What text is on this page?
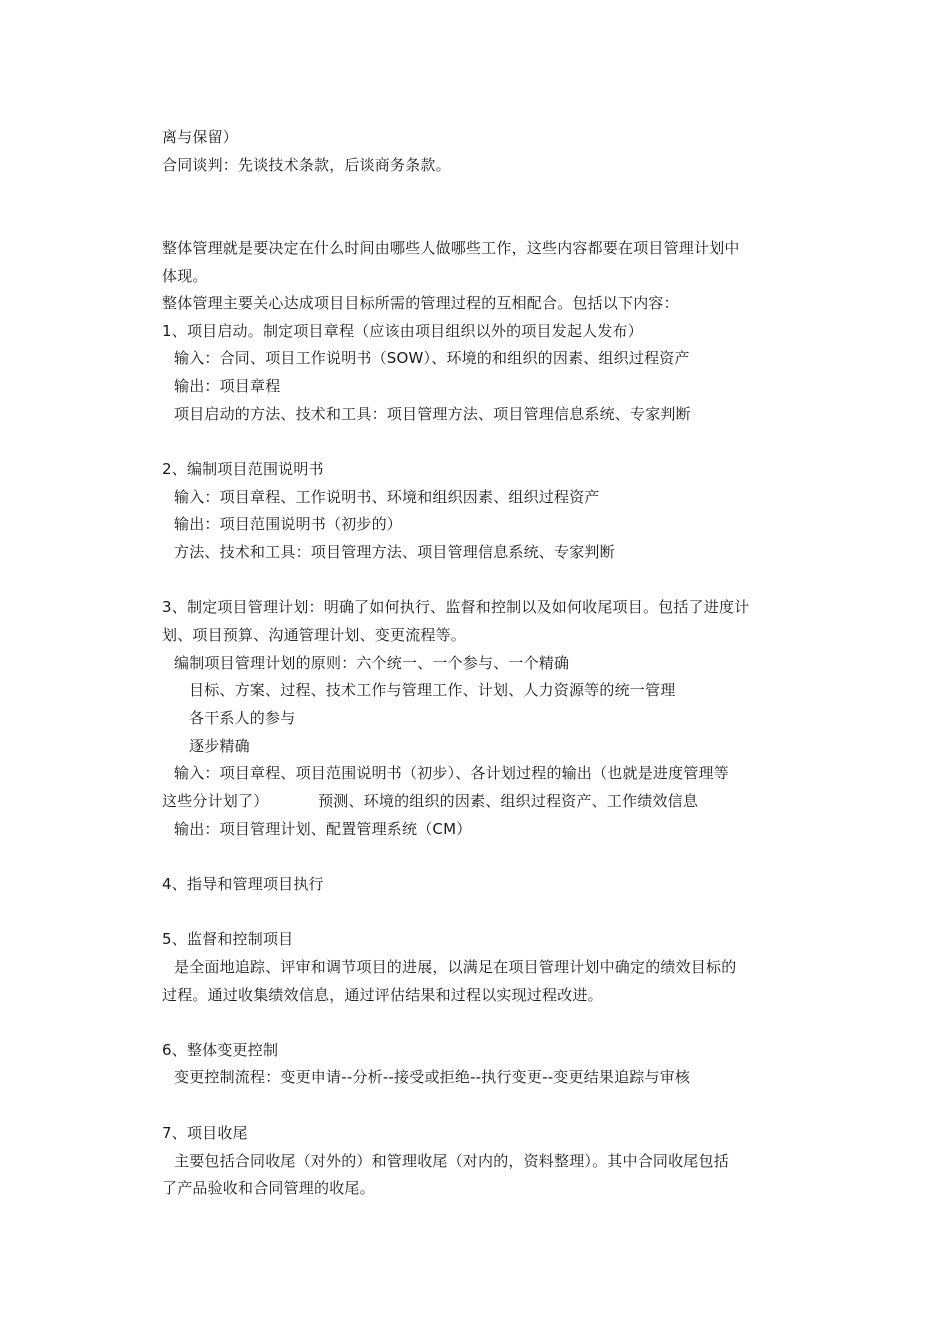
离与保留）
合同谈判：先谈技术条款，后谈商务条款。
整体管理就是要决定在什么时间由哪些人做哪些工作，这些内容都要在项目管理计划中
体现。
整体管理主要关心达成项目目标所需的管理过程的互相配合。包括以下内容：
1、项目启动。制定项目章程（应该由项目组织以外的项目发起人发布）
输入：合同、项目工作说明书（SOW）、环境的和组织的因素、组织过程资产
输出：项目章程
项目启动的方法、技术和工具：项目管理方法、项目管理信息系统、专家判断
2、编制项目范围说明书
输入：项目章程、工作说明书、环境和组织因素、组织过程资产
输出：项目范围说明书（初步的）
方法、技术和工具：项目管理方法、项目管理信息系统、专家判断
3、制定项目管理计划：明确了如何执行、监督和控制以及如何收尾项目。包括了进度计
划、项目预算、沟通管理计划、变更流程等。
编制项目管理计划的原则：六个统一、一个参与、一个精确
目标、方案、过程、技术工作与管理工作、计划、人力资源等的统一管理
各干系人的参与
逐步精确
输入：项目章程、项目范围说明书（初步）、各计划过程的输出（也就是进度管理等
这些分计划了）          预测、环境的组织的因素、组织过程资产、工作绩效信息
输出：项目管理计划、配置管理系统（CM）
4、指导和管理项目执行
5、监督和控制项目
是全面地追踪、评审和调节项目的进展，以满足在项目管理计划中确定的绩效目标的
过程。通过收集绩效信息，通过评估结果和过程以实现过程改进。
6、整体变更控制
变更控制流程：变更申请--分析--接受或拒绝--执行变更--变更结果追踪与审核
7、项目收尾
主要包括合同收尾（对外的）和管理收尾（对内的，资料整理）。其中合同收尾包括
了产品验收和合同管理的收尾。
